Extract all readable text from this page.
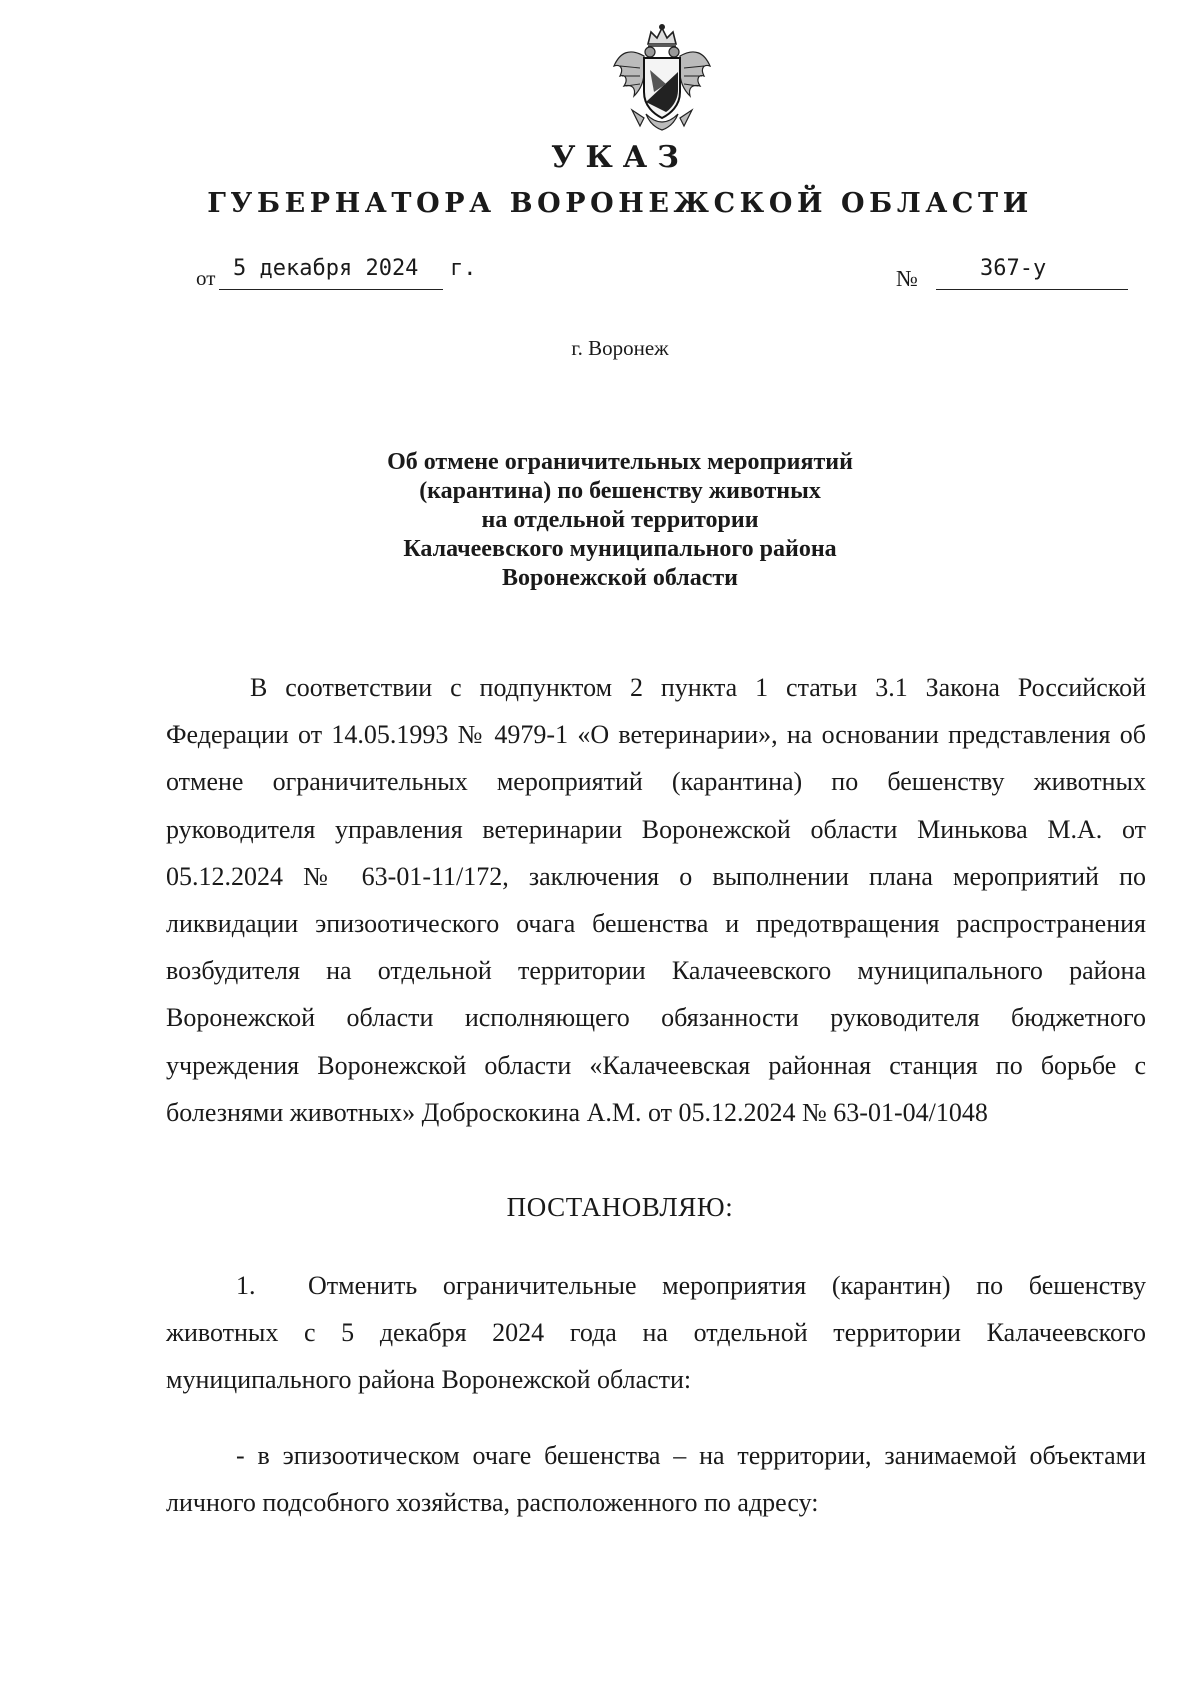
УКАЗ
ГУБЕРНАТОРА ВОРОНЕЖСКОЙ ОБЛАСТИ
от 5 декабря 2024	г.	№	367-у

г. Воронеж

Об отмене ограничительных мероприятий
(карантина) по бешенству животных
на отдельной территории
Калачеевского муниципального района
Воронежской области

В соответствии с подпунктом 2 пункта 1 статьи 3.1 Закона Российской Федерации от 14.05.1993 № 4979-1 «О ветеринарии», на основании представления об отмене ограничительных мероприятий (карантина) по бешенству животных руководителя управления ветеринарии Воронежской области Минькова М.А. от 05.12.2024 № 63-01-11/172, заключения о выполнении плана мероприятий по ликвидации эпизоотического очага бешенства и предотвращения распространения возбудителя на отдельной территории Калачеевского муниципального района Воронежской области исполняющего обязанности руководителя бюджетного учреждения Воронежской области «Калачеевская районная станция по борьбе с болезнями животных» Доброскокина А.М. от 05.12.2024 № 63-01-04/1048

ПОСТАНОВЛЯЮ:

1. Отменить ограничительные мероприятия (карантин) по бешенству животных с 5 декабря 2024 года на отдельной территории Калачеевского муниципального района Воронежской области:

- в эпизоотическом очаге бешенства – на территории, занимаемой объектами личного подсобного хозяйства, расположенного по адресу:
